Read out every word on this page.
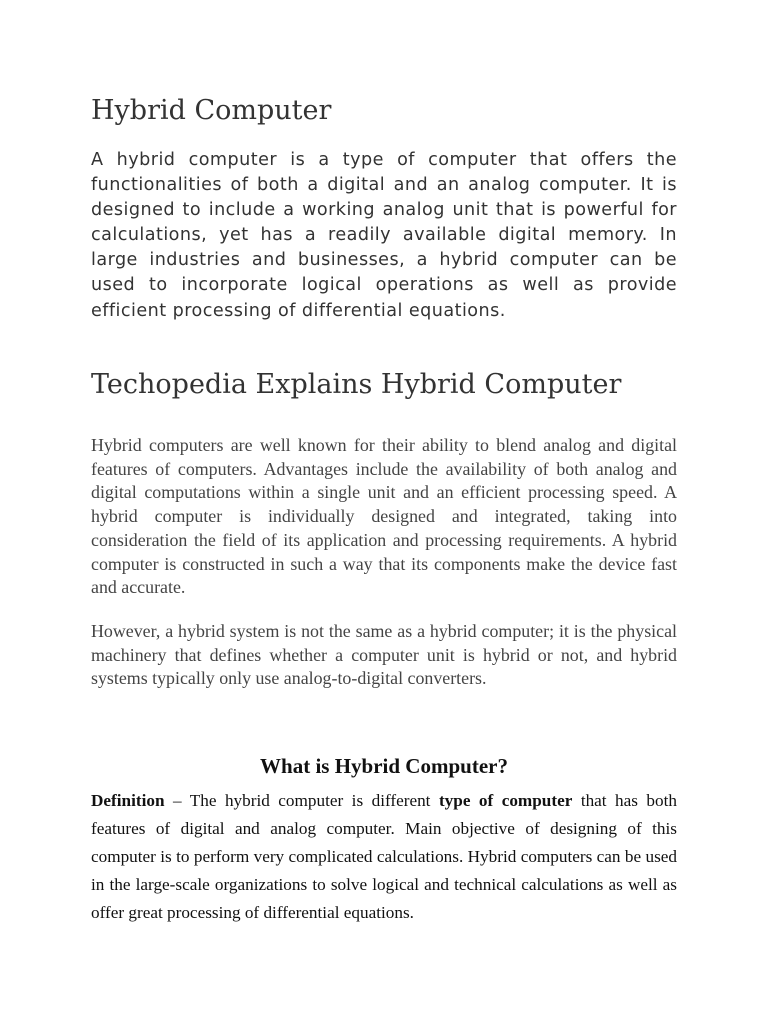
Hybrid Computer

A hybrid computer is a type of computer that offers the functionalities of both a digital and an analog computer. It is designed to include a working analog unit that is powerful for calculations, yet has a readily available digital memory. In large industries and businesses, a hybrid computer can be used to incorporate logical operations as well as provide efficient processing of differential equations.

Techopedia Explains Hybrid Computer

Hybrid computers are well known for their ability to blend analog and digital features of computers. Advantages include the availability of both analog and digital computations within a single unit and an efficient processing speed. A hybrid computer is individually designed and integrated, taking into consideration the field of its application and processing requirements. A hybrid computer is constructed in such a way that its components make the device fast and accurate.

However, a hybrid system is not the same as a hybrid computer; it is the physical machinery that defines whether a computer unit is hybrid or not, and hybrid systems typically only use analog-to-digital converters.

What is Hybrid Computer?

Definition – The hybrid computer is different type of computer that has both features of digital and analog computer. Main objective of designing of this computer is to perform very complicated calculations. Hybrid computers can be used in the large-scale organizations to solve logical and technical calculations as well as offer great processing of differential equations.
